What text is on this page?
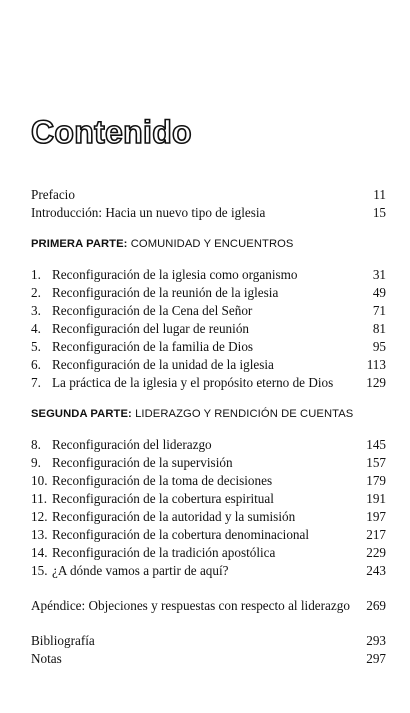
Contenido
Prefacio	11
Introducción: Hacia un nuevo tipo de iglesia	15
PRIMERA PARTE: COMUNIDAD Y ENCUENTROS
1. Reconfiguración de la iglesia como organismo	31
2. Reconfiguración de la reunión de la iglesia	49
3. Reconfiguración de la Cena del Señor	71
4. Reconfiguración del lugar de reunión	81
5. Reconfiguración de la familia de Dios	95
6. Reconfiguración de la unidad de la iglesia	113
7. La práctica de la iglesia y el propósito eterno de Dios 129
SEGUNDA PARTE: LIDERAZGO Y RENDICIÓN DE CUENTAS
8. Reconfiguración del liderazgo	145
9. Reconfiguración de la supervisión	157
10. Reconfiguración de la toma de decisiones	179
11. Reconfiguración de la cobertura espiritual	191
12. Reconfiguración de la autoridad y la sumisión	197
13. Reconfiguración de la cobertura denominacional	217
14. Reconfiguración de la tradición apostólica	229
15. ¿A dónde vamos a partir de aquí?	243
Apéndice: Objeciones y respuestas con respecto al liderazgo 269
Bibliografía	293
Notas	297
